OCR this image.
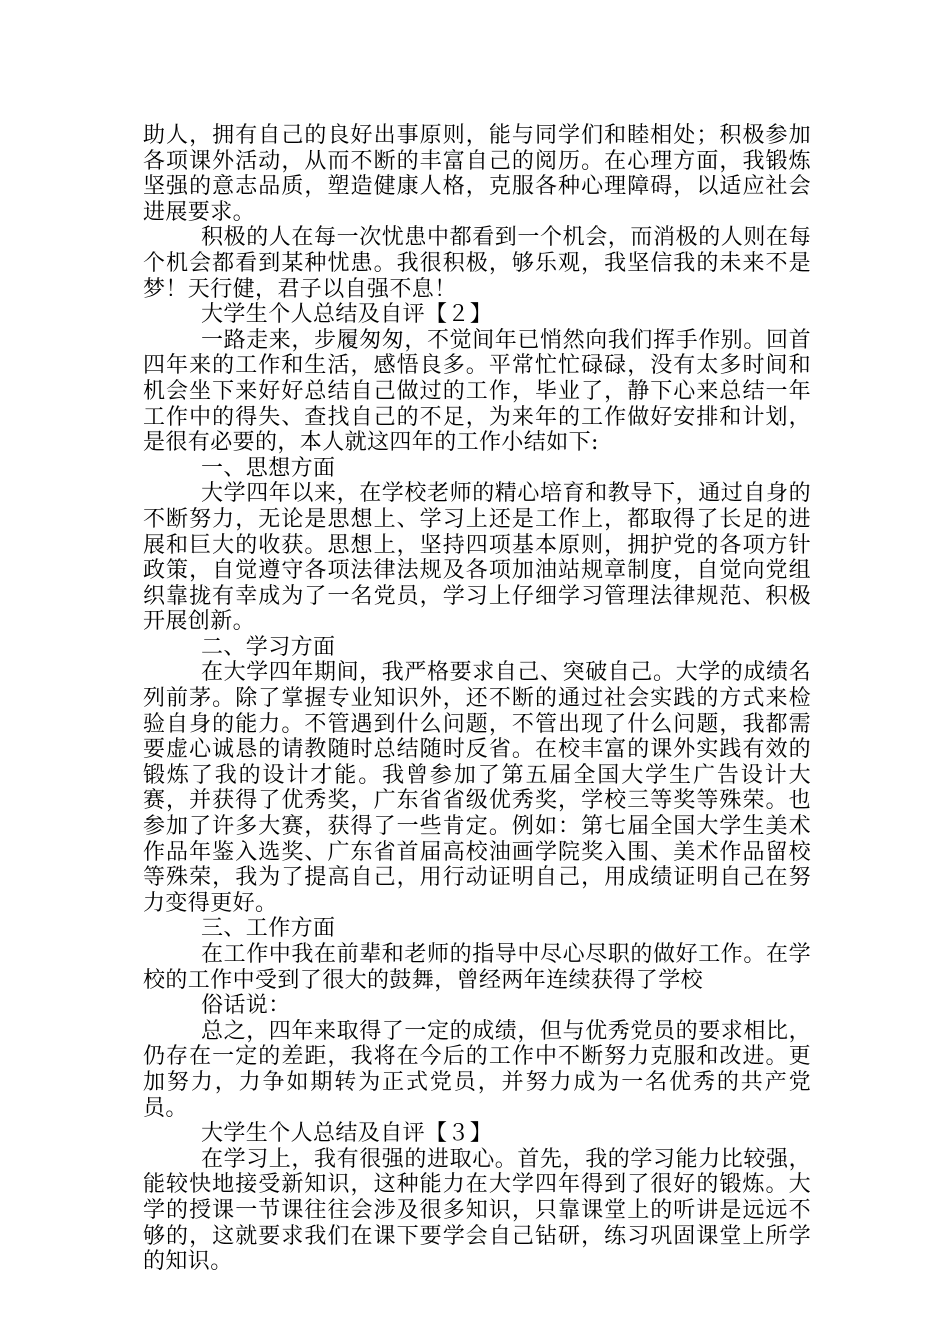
助人，拥有自己的良好出事原则，能与同学们和睦相处；积极参加各项课外活动，从而不断的丰富自己的阅历。在心理方面，我锻炼坚强的意志品质，塑造健康人格，克服各种心理障碍，以适应社会进展要求。

积极的人在每一次忧患中都看到一个机会，而消极的人则在每个机会都看到某种忧患。我很积极，够乐观，我坚信我的未来不是梦！天行健，君子以自强不息！

大学生个人总结及自评【２】

一路走来，步履匆匆，不觉间年已悄然向我们挥手作别。回首四年来的工作和生活，感悟良多。平常忙忙碌碌，没有太多时间和机会坐下来好好总结自己做过的工作，毕业了，静下心来总结一年工作中的得失、查找自己的不足，为来年的工作做好安排和计划，是很有必要的，本人就这四年的工作小结如下:

一、思想方面

大学四年以来，在学校老师的精心培育和教导下，通过自身的不断努力，无论是思想上、学习上还是工作上，都取得了长足的进展和巨大的收获。思想上，坚持四项基本原则，拥护党的各项方针政策，自觉遵守各项法律法规及各项加油站规章制度，自觉向党组织靠拢有幸成为了一名党员，学习上仔细学习管理法律规范、积极开展创新。

二、学习方面

在大学四年期间，我严格要求自己、突破自己。大学的成绩名列前茅。除了掌握专业知识外，还不断的通过社会实践的方式来检验自身的能力。不管遇到什么问题，不管出现了什么问题，我都需要虚心诚恳的请教随时总结随时反省。在校丰富的课外实践有效的锻炼了我的设计才能。我曾参加了第五届全国大学生广告设计大赛，并获得了优秀奖，广东省省级优秀奖，学校三等奖等殊荣。也参加了许多大赛，获得了一些肯定。例如：第七届全国大学生美术作品年鉴入选奖、广东省首届高校油画学院奖入围、美术作品留校等殊荣，我为了提高自己，用行动证明自己，用成绩证明自己在努力变得更好。

三、工作方面

在工作中我在前辈和老师的指导中尽心尽职的做好工作。在学校的工作中受到了很大的鼓舞，曾经两年连续获得了学校

俗话说：

总之，四年来取得了一定的成绩，但与优秀党员的要求相比，仍存在一定的差距，我将在今后的工作中不断努力克服和改进。更加努力，力争如期转为正式党员，并努力成为一名优秀的共产党员。

大学生个人总结及自评【３】

在学习上，我有很强的进取心。首先，我的学习能力比较强，能较快地接受新知识，这种能力在大学四年得到了很好的锻炼。大学的授课一节课往往会涉及很多知识，只靠课堂上的听讲是远远不够的，这就要求我们在课下要学会自己钻研，练习巩固课堂上所学的知识。
